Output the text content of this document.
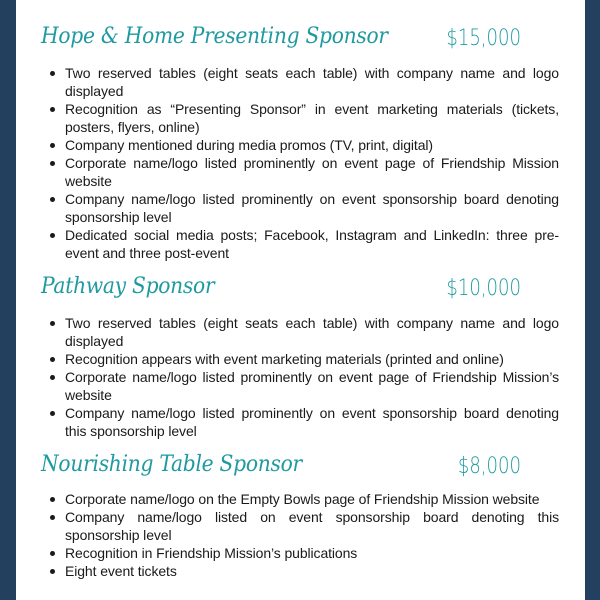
Hope & Home Presenting Sponsor	$15,000
Two reserved tables (eight seats each table) with company name and logo displayed
Recognition as “Presenting Sponsor” in event marketing materials (tickets, posters, flyers, online)
Company mentioned during media promos (TV, print, digital)
Corporate name/logo listed prominently on event page of Friendship Mission website
Company name/logo listed prominently on event sponsorship board denoting sponsorship level
Dedicated social media posts; Facebook, Instagram and LinkedIn: three pre-event and three post-event
Pathway Sponsor	$10,000
Two reserved tables (eight seats each table) with company name and logo displayed
Recognition appears with event marketing materials (printed and online)
Corporate name/logo listed prominently on event page of Friendship Mission’s website
Company name/logo listed prominently on event sponsorship board denoting this sponsorship level
Nourishing Table Sponsor	$8,000
Corporate name/logo on the Empty Bowls page of Friendship Mission website
Company name/logo listed on event sponsorship board denoting this sponsorship level
Recognition in Friendship Mission’s publications
Eight event tickets
